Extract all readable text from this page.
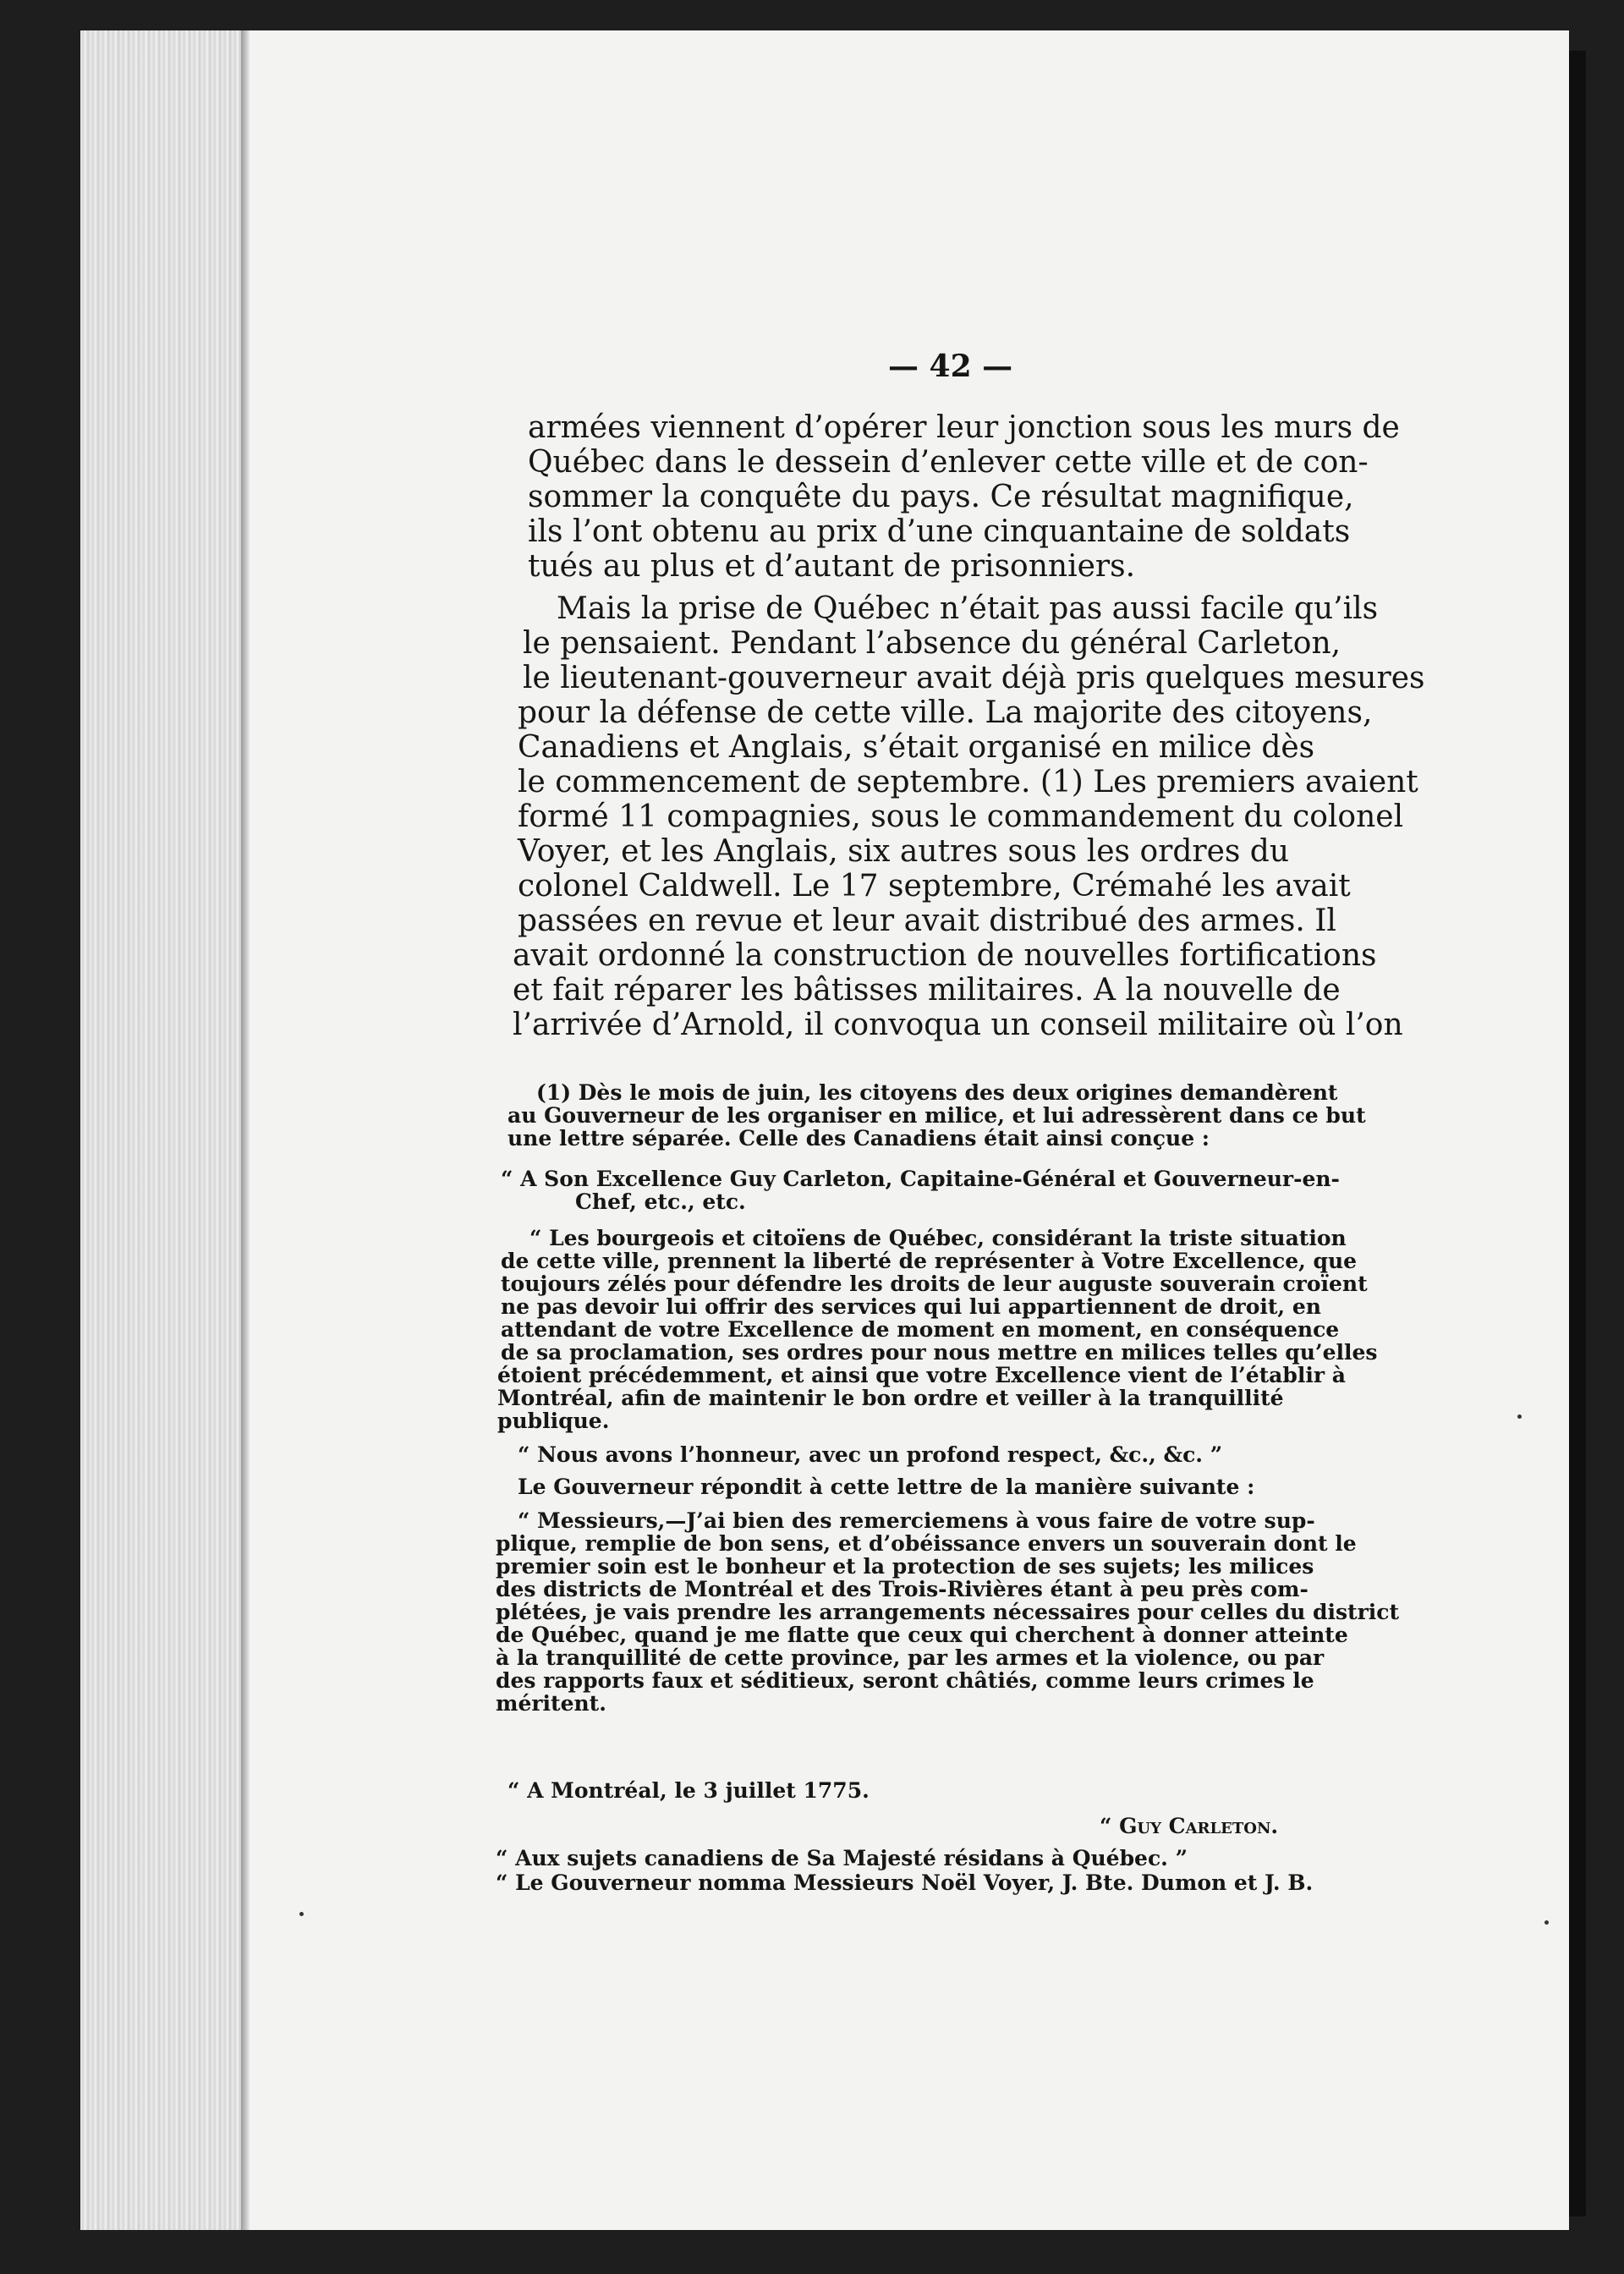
— 42 —
armées viennent d’opérer leur jonction sous les murs de
Québec dans le dessein d’enlever cette ville et de con-
sommer la conquête du pays. Ce résultat magnifique,
ils l’ont obtenu au prix d’une cinquantaine de soldats
tués au plus et d’autant de prisonniers.
Mais la prise de Québec n’était pas aussi facile qu’ils
le pensaient. Pendant l’absence du général Carleton,
le lieutenant-gouverneur avait déjà pris quelques mesures
pour la défense de cette ville. La majorite des citoyens,
Canadiens et Anglais, s’était organisé en milice dès
le commencement de septembre. (1) Les premiers avaient
formé 11 compagnies, sous le commandement du colonel
Voyer, et les Anglais, six autres sous les ordres du
colonel Caldwell. Le 17 septembre, Crémahé les avait
passées en revue et leur avait distribué des armes. Il
avait ordonné la construction de nouvelles fortifications
et fait réparer les bâtisses militaires. A la nouvelle de
l’arrivée d’Arnold, il convoqua un conseil militaire où l’on
(1) Dès le mois de juin, les citoyens des deux origines demandèrent
au Gouverneur de les organiser en milice, et lui adressèrent dans ce but
une lettre séparée. Celle des Canadiens était ainsi conçue :
“ A Son Excellence Guy Carleton, Capitaine-Général et Gouverneur-en-
Chef, etc., etc.
“ Les bourgeois et citoïens de Québec, considérant la triste situation
de cette ville, prennent la liberté de représenter à Votre Excellence, que
toujours zélés pour défendre les droits de leur auguste souverain croïent
ne pas devoir lui offrir des services qui lui appartiennent de droit, en
attendant de votre Excellence de moment en moment, en conséquence
de sa proclamation, ses ordres pour nous mettre en milices telles qu’elles
étoient précédemment, et ainsi que votre Excellence vient de l’établir à
Montréal, afin de maintenir le bon ordre et veiller à la tranquillité
publique.
“ Nous avons l’honneur, avec un profond respect, &c., &c. ”
Le Gouverneur répondit à cette lettre de la manière suivante :
“ Messieurs,—J’ai bien des remerciemens à vous faire de votre sup-
plique, remplie de bon sens, et d’obéissance envers un souverain dont le
premier soin est le bonheur et la protection de ses sujets; les milices
des districts de Montréal et des Trois-Rivières étant à peu près com-
plétées, je vais prendre les arrangements nécessaires pour celles du district
de Québec, quand je me flatte que ceux qui cherchent à donner atteinte
à la tranquillité de cette province, par les armes et la violence, ou par
des rapports faux et séditieux, seront châtiés, comme leurs crimes le
méritent.
“ A Montréal, le 3 juillet 1775.
“ Guy Carleton.
“ Aux sujets canadiens de Sa Majesté résidans à Québec. ”
“ Le Gouverneur nomma Messieurs Noël Voyer, J. Bte. Dumon et J. B.
